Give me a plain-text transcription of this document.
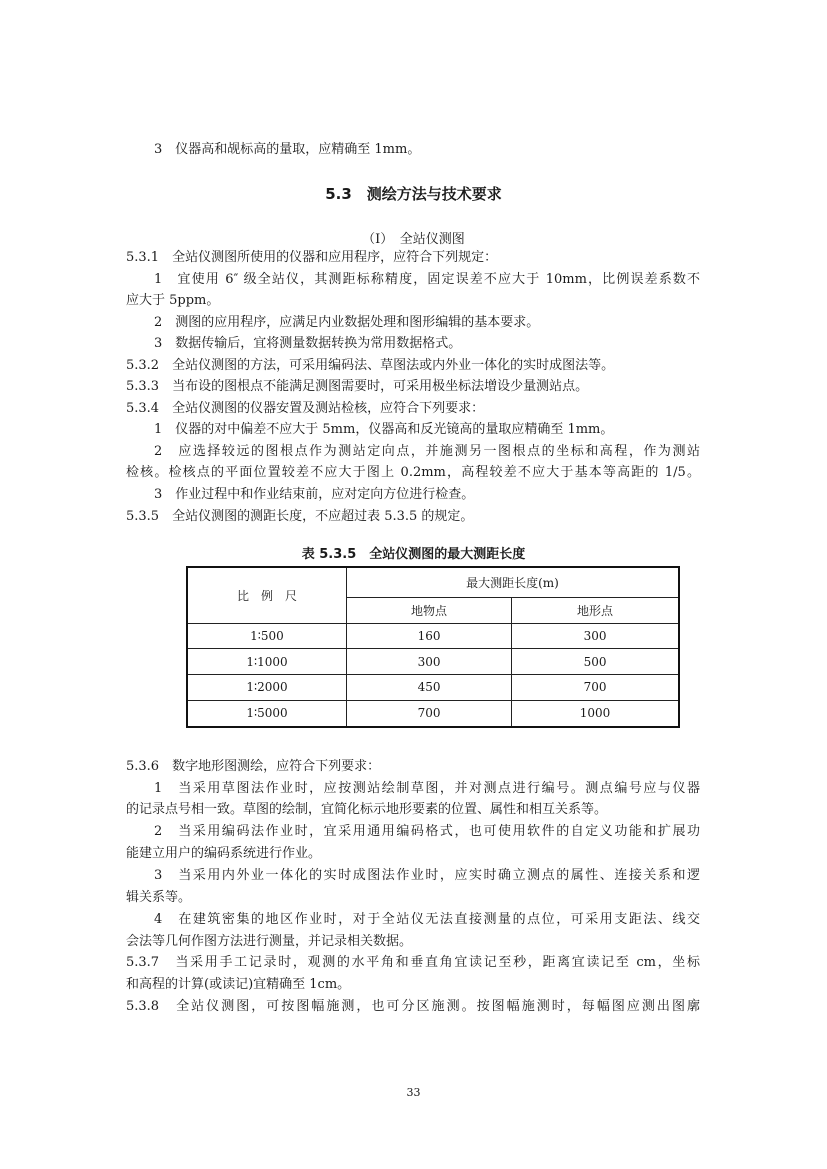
3　仪器高和觇标高的量取，应精确至 1mm。
5.3　测绘方法与技术要求
（Ⅰ）　全站仪测图
5.3.1　全站仪测图所使用的仪器和应用程序，应符合下列规定：
1　宜使用 6″ 级全站仪，其测距标称精度，固定误差不应大于 10mm，比例误差系数不
应大于 5ppm。
2　测图的应用程序，应满足内业数据处理和图形编辑的基本要求。
3　数据传输后，宜将测量数据转换为常用数据格式。
5.3.2　全站仪测图的方法，可采用编码法、草图法或内外业一体化的实时成图法等。
5.3.3　当布设的图根点不能满足测图需要时，可采用极坐标法增设少量测站点。
5.3.4　全站仪测图的仪器安置及测站检核，应符合下列要求：
1　仪器的对中偏差不应大于 5mm，仪器高和反光镜高的量取应精确至 1mm。
2　应选择较远的图根点作为测站定向点，并施测另一图根点的坐标和高程，作为测站
检核。检核点的平面位置较差不应大于图上 0.2mm，高程较差不应大于基本等高距的 1/5。
3　作业过程中和作业结束前，应对定向方位进行检查。
5.3.5　全站仪测图的测距长度，不应超过表 5.3.5 的规定。
表 5.3.5　全站仪测图的最大测距长度
比　例　尺	最大测距长度(m)	
	地物点	地形点
1∶500	160	300
1∶1000	300	500
1∶2000	450	700
1∶5000	700	1000
5.3.6　数字地形图测绘，应符合下列要求：
1　当采用草图法作业时，应按测站绘制草图，并对测点进行编号。测点编号应与仪器
的记录点号相一致。草图的绘制，宜简化标示地形要素的位置、属性和相互关系等。
2　当采用编码法作业时，宜采用通用编码格式，也可使用软件的自定义功能和扩展功
能建立用户的编码系统进行作业。
3　当采用内外业一体化的实时成图法作业时，应实时确立测点的属性、连接关系和逻
辑关系等。
4　在建筑密集的地区作业时，对于全站仪无法直接测量的点位，可采用支距法、线交
会法等几何作图方法进行测量，并记录相关数据。
5.3.7　当采用手工记录时，观测的水平角和垂直角宜读记至秒，距离宜读记至 cm，坐标
和高程的计算(或读记)宜精确至 1cm。
5.3.8　全站仪测图，可按图幅施测，也可分区施测。按图幅施测时，每幅图应测出图廓
33
